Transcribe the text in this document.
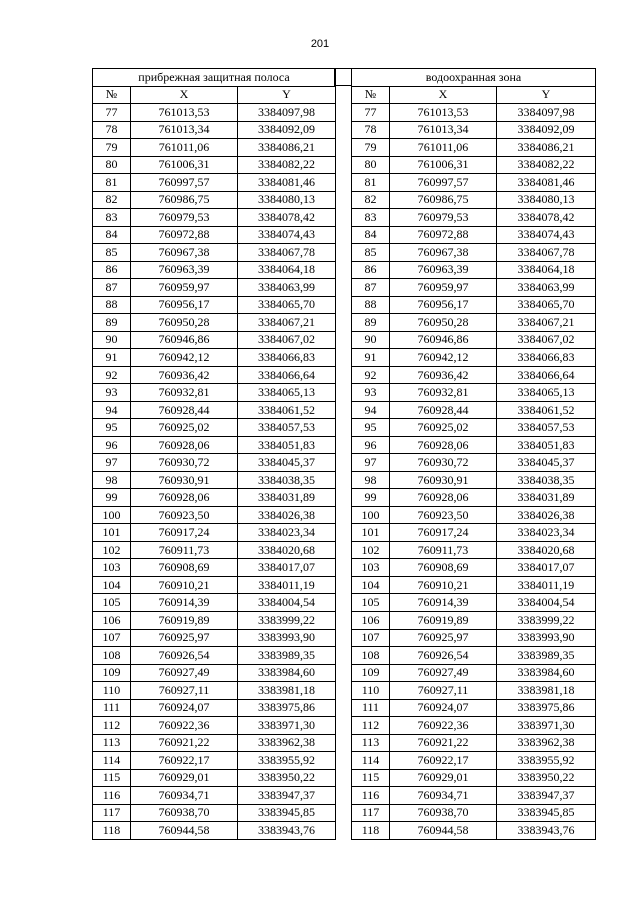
201
прибрежная защитная полоса		
№	X	Y
77	761013,53	3384097,98
78	761013,34	3384092,09
79	761011,06	3384086,21
80	761006,31	3384082,22
81	760997,57	3384081,46
82	760986,75	3384080,13
83	760979,53	3384078,42
84	760972,88	3384074,43
85	760967,38	3384067,78
86	760963,39	3384064,18
87	760959,97	3384063,99
88	760956,17	3384065,70
89	760950,28	3384067,21
90	760946,86	3384067,02
91	760942,12	3384066,83
92	760936,42	3384066,64
93	760932,81	3384065,13
94	760928,44	3384061,52
95	760925,02	3384057,53
96	760928,06	3384051,83
97	760930,72	3384045,37
98	760930,91	3384038,35
99	760928,06	3384031,89
100	760923,50	3384026,38
101	760917,24	3384023,34
102	760911,73	3384020,68
103	760908,69	3384017,07
104	760910,21	3384011,19
105	760914,39	3384004,54
106	760919,89	3383999,22
107	760925,97	3383993,90
108	760926,54	3383989,35
109	760927,49	3383984,60
110	760927,11	3383981,18
111	760924,07	3383975,86
112	760922,36	3383971,30
113	760921,22	3383962,38
114	760922,17	3383955,92
115	760929,01	3383950,22
116	760934,71	3383947,37
117	760938,70	3383945,85
118	760944,58	3383943,76
водоохранная зона		
№	X	Y
77	761013,53	3384097,98
78	761013,34	3384092,09
79	761011,06	3384086,21
80	761006,31	3384082,22
81	760997,57	3384081,46
82	760986,75	3384080,13
83	760979,53	3384078,42
84	760972,88	3384074,43
85	760967,38	3384067,78
86	760963,39	3384064,18
87	760959,97	3384063,99
88	760956,17	3384065,70
89	760950,28	3384067,21
90	760946,86	3384067,02
91	760942,12	3384066,83
92	760936,42	3384066,64
93	760932,81	3384065,13
94	760928,44	3384061,52
95	760925,02	3384057,53
96	760928,06	3384051,83
97	760930,72	3384045,37
98	760930,91	3384038,35
99	760928,06	3384031,89
100	760923,50	3384026,38
101	760917,24	3384023,34
102	760911,73	3384020,68
103	760908,69	3384017,07
104	760910,21	3384011,19
105	760914,39	3384004,54
106	760919,89	3383999,22
107	760925,97	3383993,90
108	760926,54	3383989,35
109	760927,49	3383984,60
110	760927,11	3383981,18
111	760924,07	3383975,86
112	760922,36	3383971,30
113	760921,22	3383962,38
114	760922,17	3383955,92
115	760929,01	3383950,22
116	760934,71	3383947,37
117	760938,70	3383945,85
118	760944,58	3383943,76
